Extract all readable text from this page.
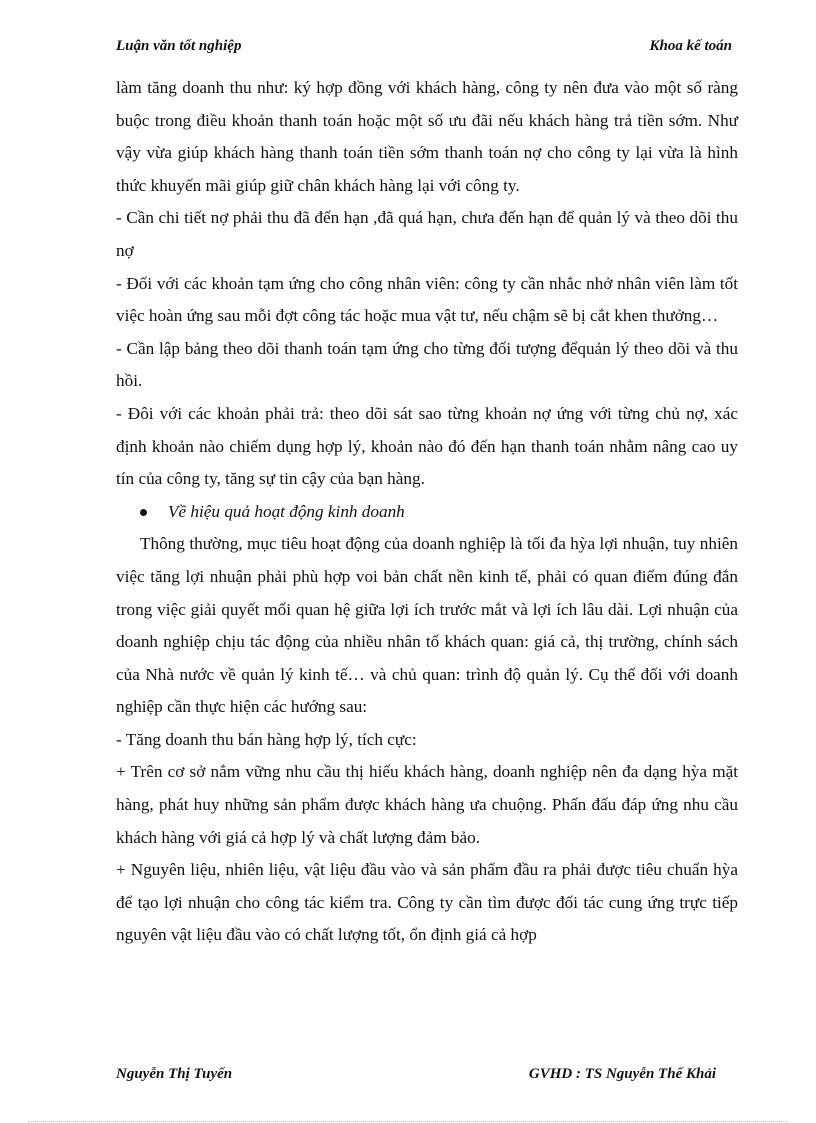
Luận văn tốt nghiệp	Khoa kế toán

làm tăng doanh thu như: ký hợp đồng với khách hàng, công ty nên đưa vào một số ràng buộc trong điều khoản thanh toán hoặc một số ưu đãi nếu khách hàng trả tiền sớm. Như vậy vừa giúp khách hàng thanh toán tiền sớm thanh toán nợ cho công ty lại vừa là hình thức khuyến mãi giúp giữ chân khách hàng lại với công ty.

- Cần chi tiết nợ phải thu đã đến hạn ,đã quá hạn, chưa đến hạn để quản lý và theo dõi thu nợ

- Đối với các khoản tạm ứng cho công nhân viên: công ty cần nhắc nhở nhân viên làm tốt việc hoàn ứng sau mỗi đợt công tác hoặc mua vật tư, nếu chậm sẽ bị cắt khen thưởng…

- Cần lập bảng theo dõi thanh toán tạm ứng cho từng đối tượng đểquản lý theo dõi và thu hồi.

- Đôi với các khoản phải trả: theo dõi sát sao từng khoản nợ ứng với từng chủ nợ, xác định khoản nào chiếm dụng hợp lý, khoản nào đó đến hạn thanh toán nhằm nâng cao uy tín của công ty, tăng sự tin cậy của bạn hàng.

Về hiệu quả hoạt động kinh doanh

Thông thường, mục tiêu hoạt động của doanh nghiệp là tối đa hỳa lợi nhuận, tuy nhiên việc tăng lợi nhuận phải phù hợp voi bản chất nền kinh tế, phải có quan điểm đúng đắn trong việc giải quyết mối quan hệ giữa lợi ích trước mắt và lợi ích lâu dài. Lợi nhuận của doanh nghiệp chịu tác động của nhiều nhân tố khách quan: giá cả, thị trường, chính sách của Nhà nước về quản lý kinh tế… và chủ quan: trình độ quản lý. Cụ thể đối với doanh nghiệp cần thực hiện các hướng sau:

- Tăng doanh thu bán hàng hợp lý, tích cực:

+ Trên cơ sở nắm vững nhu cầu thị hiếu khách hàng, doanh nghiệp nên đa dạng hỳa mặt hàng, phát huy những sản phẩm được khách hàng ưa chuộng. Phấn đấu đáp ứng nhu cầu khách hàng với giá cả hợp lý và chất lượng đảm bảo.

+ Nguyên liệu, nhiên liệu, vật liệu đầu vào và sản phẩm đầu ra phải được tiêu chuẩn hỳa để tạo lợi nhuận cho công tác kiểm tra. Công ty cần tìm được đối tác cung ứng trực tiếp nguyên vật liệu đầu vào có chất lượng tốt, ổn định giá cả hợp

Nguyễn Thị Tuyến	GVHD : TS Nguyễn Thế Khải
